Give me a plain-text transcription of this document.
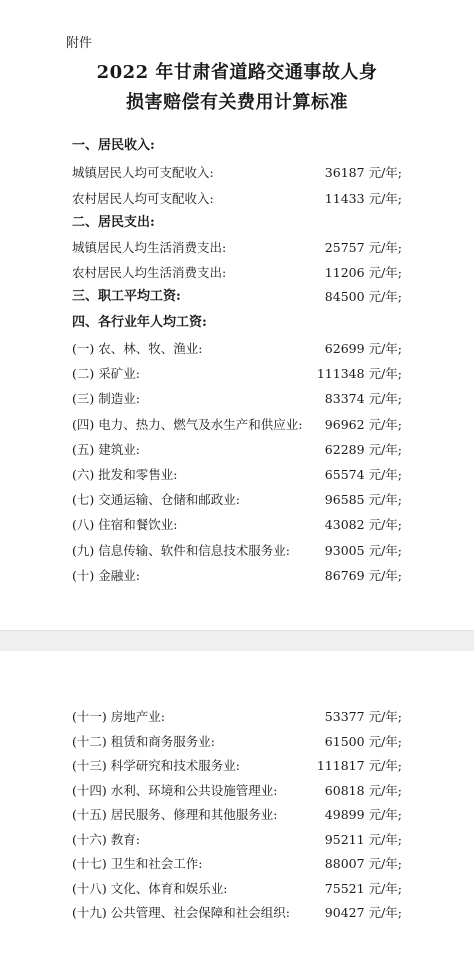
附件
2022 年甘肃省道路交通事故人身
损害赔偿有关费用计算标准
一、居民收入:
城镇居民人均可支配收入:	36187 元/年;
农村居民人均可支配收入:	11433 元/年;
二、居民支出:
城镇居民人均生活消费支出:	25757 元/年;
农村居民人均生活消费支出:	11206 元/年;
三、职工平均工资:	84500 元/年;
四、各行业年人均工资:
(一) 农、林、牧、渔业:	62699 元/年;
(二) 采矿业:	111348 元/年;
(三) 制造业:	83374 元/年;
(四) 电力、热力、燃气及水生产和供应业:	96962 元/年;
(五) 建筑业:	62289 元/年;
(六) 批发和零售业:	65574 元/年;
(七) 交通运输、仓储和邮政业:	96585 元/年;
(八) 住宿和餐饮业:	43082 元/年;
(九) 信息传输、软件和信息技术服务业:	93005 元/年;
(十) 金融业:	86769 元/年;
(十一) 房地产业:	53377 元/年;
(十二) 租赁和商务服务业:	61500 元/年;
(十三) 科学研究和技术服务业:	111817 元/年;
(十四) 水利、环境和公共设施管理业:	60818 元/年;
(十五) 居民服务、修理和其他服务业:	49899 元/年;
(十六) 教育:	95211 元/年;
(十七) 卫生和社会工作:	88007 元/年;
(十八) 文化、体育和娱乐业:	75521 元/年;
(十九) 公共管理、社会保障和社会组织:	90427 元/年;
